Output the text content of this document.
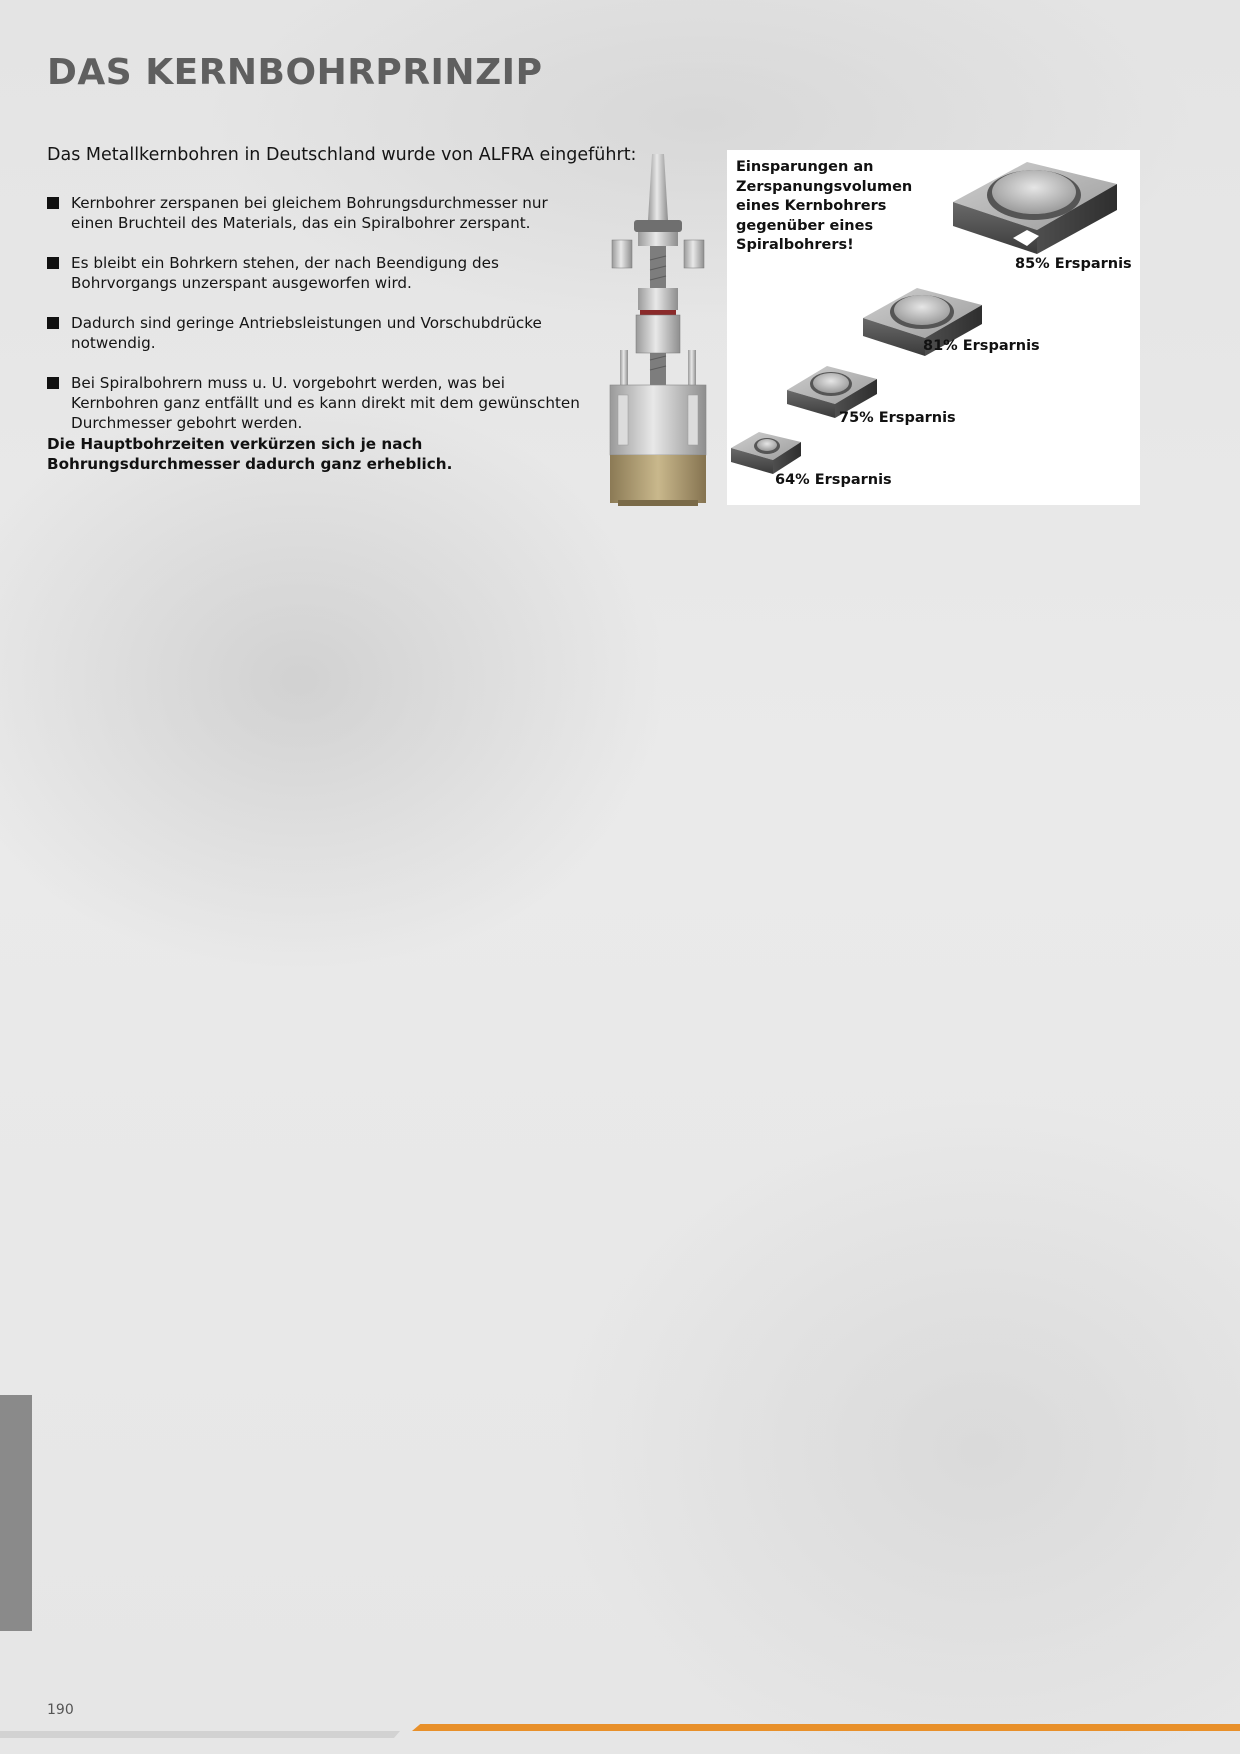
DAS KERNBOHRPRINZIP

Das Metallkernbohren in Deutschland wurde von ALFRA eingeführt:

Kernbohrer zerspanen bei gleichem Bohrungsdurchmesser nur einen Bruchteil des Materials, das ein Spiralbohrer zerspant.
Es bleibt ein Bohrkern stehen, der nach Beendigung des Bohrvorgangs unzerspant ausgeworfen wird.
Dadurch sind geringe Antriebsleistungen und Vorschubdrücke notwendig.
Bei Spiralbohrern muss u. U. vorgebohrt werden, was bei Kernbohren ganz entfällt und es kann direkt mit dem gewünschten Durchmesser gebohrt werden.

Die Hauptbohrzeiten verkürzen sich je nach Bohrungsdurchmesser dadurch ganz erheblich.

Einsparungen an Zerspanungsvolumen eines Kernbohrers gegenüber eines Spiralbohrers!

85% Ersparnis
81% Ersparnis
75% Ersparnis
64% Ersparnis
190
